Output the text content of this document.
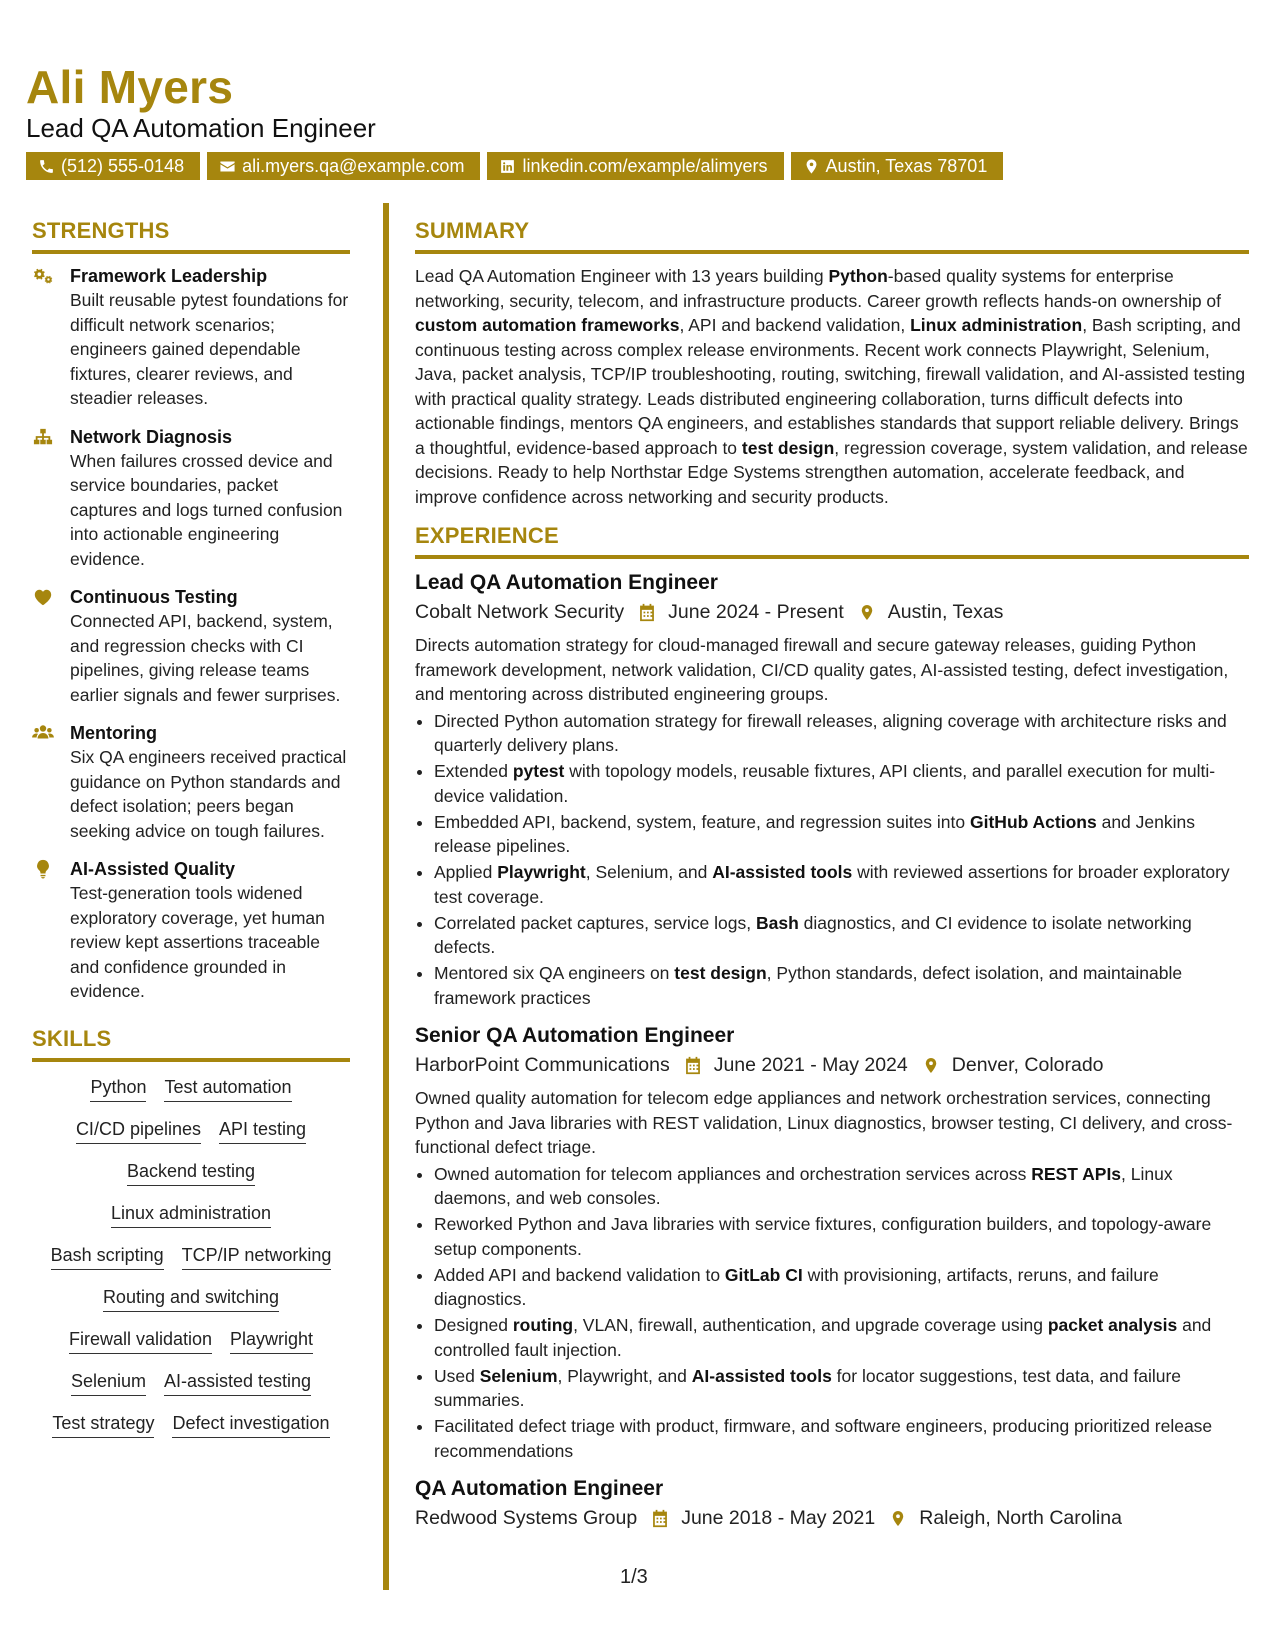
Ali Myers
Lead QA Automation Engineer
(512) 555-0148	ali.myers.qa@example.com	linkedin.com/example/alimyers	Austin, Texas 78701
STRENGTHS
Framework Leadership
Built reusable pytest foundations for difficult network scenarios; engineers gained dependable fixtures, clearer reviews, and steadier releases.
Network Diagnosis
When failures crossed device and service boundaries, packet captures and logs turned confusion into actionable engineering evidence.
Continuous Testing
Connected API, backend, system, and regression checks with CI pipelines, giving release teams earlier signals and fewer surprises.
Mentoring
Six QA engineers received practical guidance on Python standards and defect isolation; peers began seeking advice on tough failures.
AI-Assisted Quality
Test-generation tools widened exploratory coverage, yet human review kept assertions traceable and confidence grounded in evidence.
SKILLS
Python Test automation
CI/CD pipelines API testing
Backend testing
Linux administration
Bash scripting TCP/IP networking
Routing and switching
Firewall validation Playwright
Selenium AI-assisted testing
Test strategy Defect investigation
SUMMARY
Lead QA Automation Engineer with 13 years building Python-based quality systems for enterprise networking, security, telecom, and infrastructure products. Career growth reflects hands-on ownership of custom automation frameworks, API and backend validation, Linux administration, Bash scripting, and continuous testing across complex release environments. Recent work connects Playwright, Selenium, Java, packet analysis, TCP/IP troubleshooting, routing, switching, firewall validation, and AI-assisted testing with practical quality strategy. Leads distributed engineering collaboration, turns difficult defects into actionable findings, mentors QA engineers, and establishes standards that support reliable delivery. Brings a thoughtful, evidence-based approach to test design, regression coverage, system validation, and release decisions. Ready to help Northstar Edge Systems strengthen automation, accelerate feedback, and improve confidence across networking and security products.
EXPERIENCE
Lead QA Automation Engineer
Cobalt Network Security June 2024 - Present Austin, Texas
Directs automation strategy for cloud-managed firewall and secure gateway releases, guiding Python framework development, network validation, CI/CD quality gates, AI-assisted testing, defect investigation, and mentoring across distributed engineering groups.
• Directed Python automation strategy for firewall releases, aligning coverage with architecture risks and quarterly delivery plans.
• Extended pytest with topology models, reusable fixtures, API clients, and parallel execution for multi-device validation.
• Embedded API, backend, system, feature, and regression suites into GitHub Actions and Jenkins release pipelines.
• Applied Playwright, Selenium, and AI-assisted tools with reviewed assertions for broader exploratory test coverage.
• Correlated packet captures, service logs, Bash diagnostics, and CI evidence to isolate networking defects.
• Mentored six QA engineers on test design, Python standards, defect isolation, and maintainable framework practices
Senior QA Automation Engineer
HarborPoint Communications June 2021 - May 2024 Denver, Colorado
Owned quality automation for telecom edge appliances and network orchestration services, connecting Python and Java libraries with REST validation, Linux diagnostics, browser testing, CI delivery, and cross-functional defect triage.
• Owned automation for telecom appliances and orchestration services across REST APIs, Linux daemons, and web consoles.
• Reworked Python and Java libraries with service fixtures, configuration builders, and topology-aware setup components.
• Added API and backend validation to GitLab CI with provisioning, artifacts, reruns, and failure diagnostics.
• Designed routing, VLAN, firewall, authentication, and upgrade coverage using packet analysis and controlled fault injection.
• Used Selenium, Playwright, and AI-assisted tools for locator suggestions, test data, and failure summaries.
• Facilitated defect triage with product, firmware, and software engineers, producing prioritized release recommendations
QA Automation Engineer
Redwood Systems Group June 2018 - May 2021 Raleigh, North Carolina
1/3
